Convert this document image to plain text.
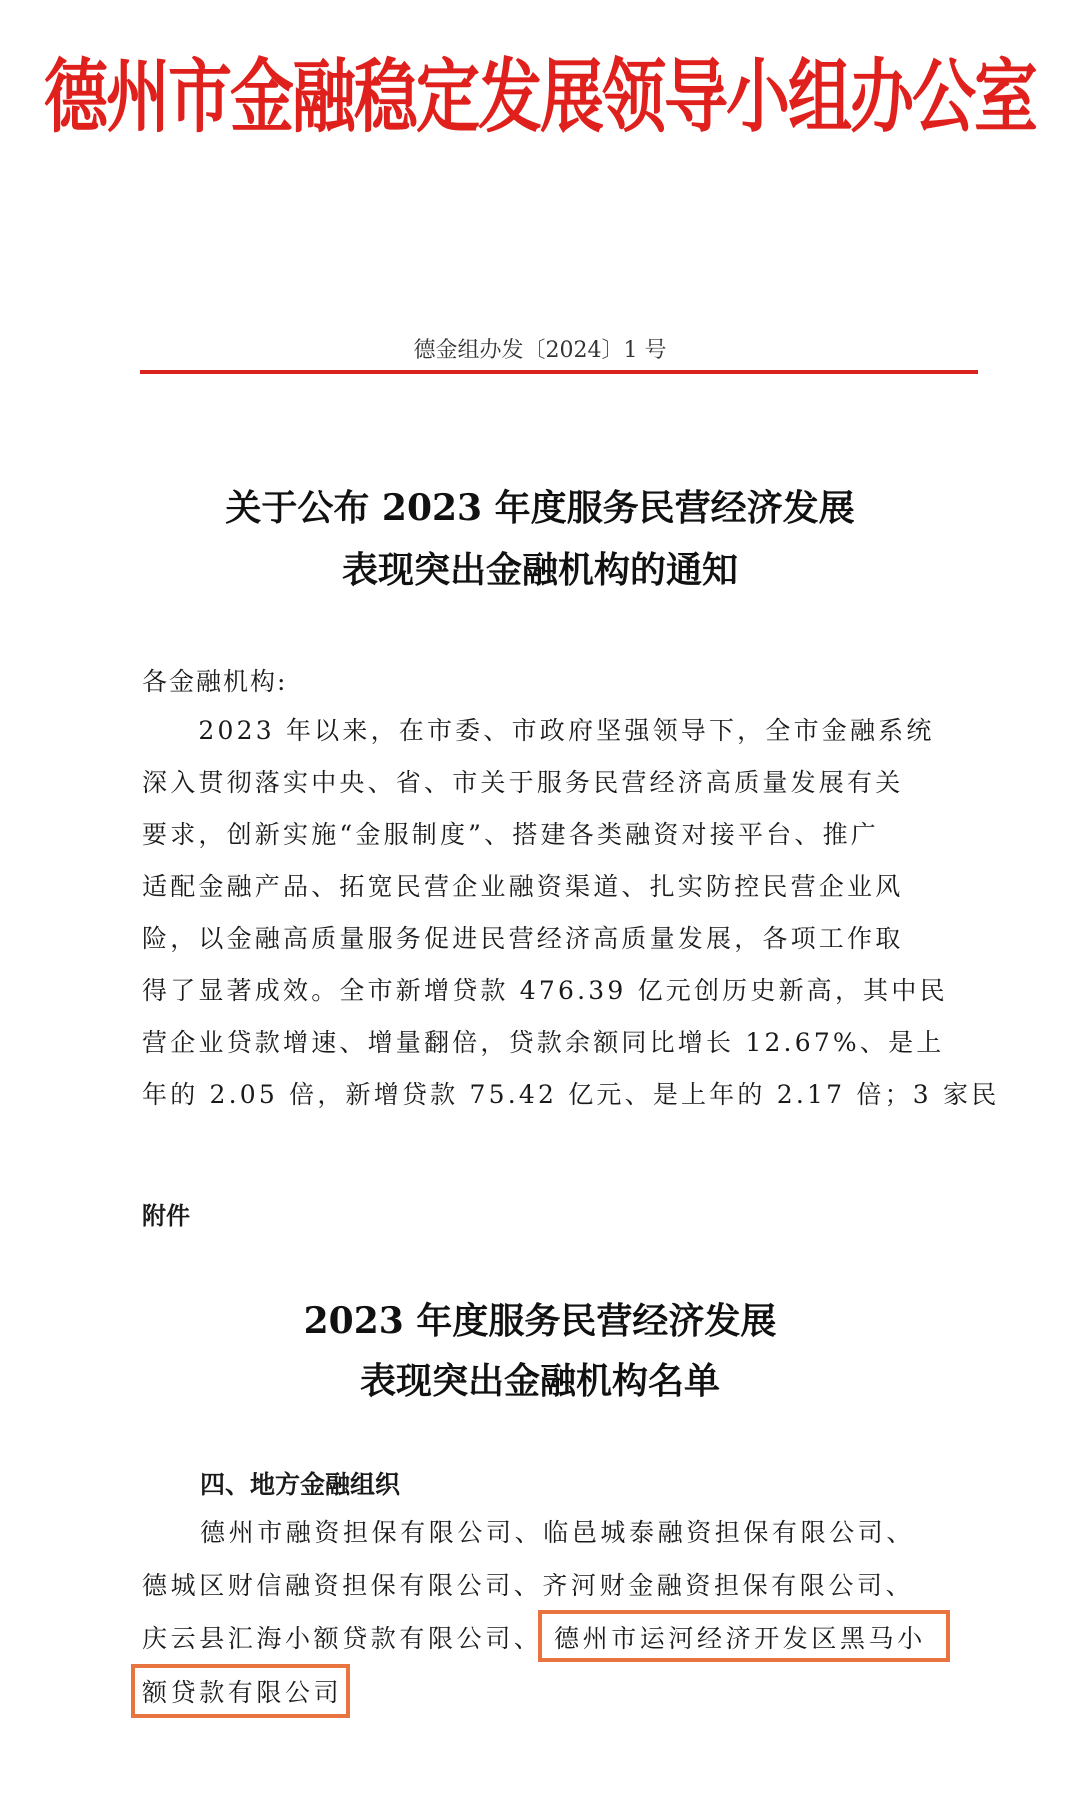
德州市金融稳定发展领导小组办公室
德金组办发〔2024〕1 号
关于公布 2023 年度服务民营经济发展
表现突出金融机构的通知
各金融机构:
　　2023 年以来，在市委、市政府坚强领导下，全市金融系统
深入贯彻落实中央、省、市关于服务民营经济高质量发展有关
要求，创新实施“金服制度”、搭建各类融资对接平台、推广
适配金融产品、拓宽民营企业融资渠道、扎实防控民营企业风
险，以金融高质量服务促进民营经济高质量发展，各项工作取
得了显著成效。全市新增贷款 476.39 亿元创历史新高，其中民
营企业贷款增速、增量翻倍，贷款余额同比增长 12.67%、是上
年的 2.05 倍，新增贷款 75.42 亿元、是上年的 2.17 倍；3 家民
附件
2023 年度服务民营经济发展
表现突出金融机构名单
四、地方金融组织
德州市融资担保有限公司、临邑城泰融资担保有限公司、
德城区财信融资担保有限公司、齐河财金融资担保有限公司、
庆云县汇海小额贷款有限公司、 德州市运河经济开发区黑马小
额贷款有限公司
